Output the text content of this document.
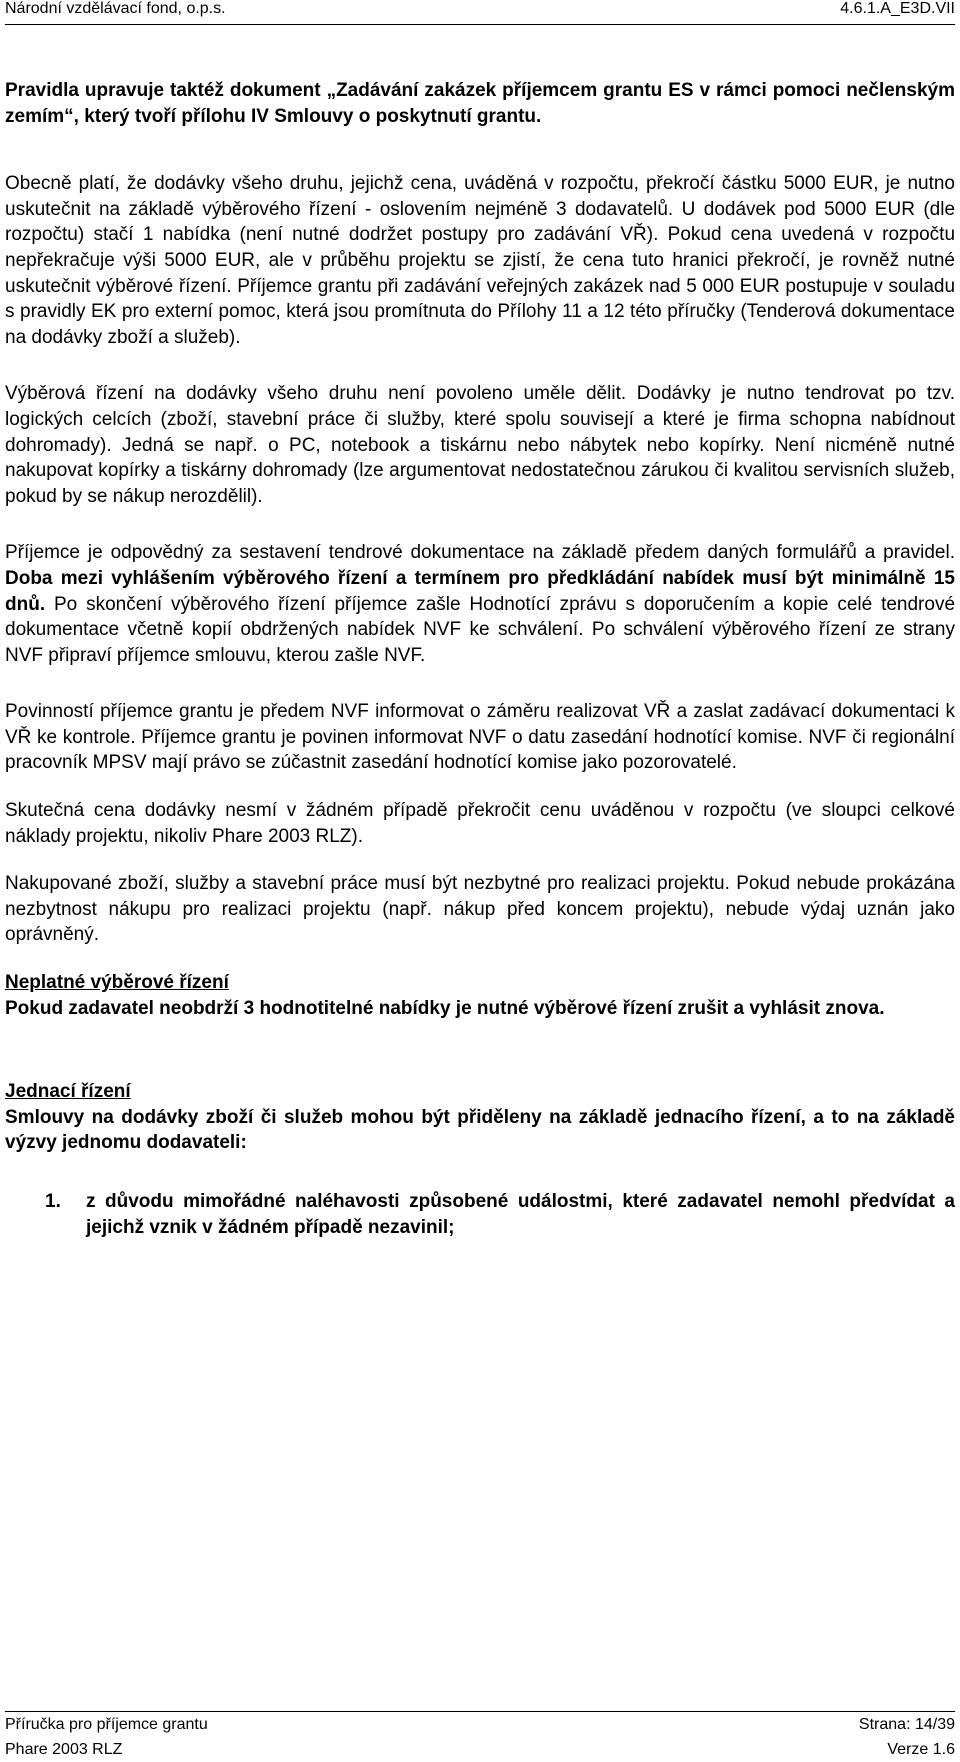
Národní vzdělávací fond, o.p.s.	4.6.1.A_E3D.VII

Pravidla upravuje taktéž dokument „Zadávání zakázek příjemcem grantu ES v rámci pomoci nečlenským zemím“, který tvoří přílohu IV Smlouvy o poskytnutí grantu.

Obecně platí, že dodávky všeho druhu, jejichž cena, uváděná v rozpočtu, překročí částku 5000 EUR, je nutno uskutečnit na základě výběrového řízení - oslovením nejméně 3 dodavatelů. U dodávek pod 5000 EUR (dle rozpočtu) stačí 1 nabídka (není nutné dodržet postupy pro zadávání VŘ). Pokud cena uvedená v rozpočtu nepřekračuje výši 5000 EUR, ale v průběhu projektu se zjistí, že cena tuto hranici překročí, je rovněž nutné uskutečnit výběrové řízení. Příjemce grantu při zadávání veřejných zakázek nad 5 000 EUR postupuje v souladu s pravidly EK pro externí pomoc, která jsou promítnuta do Přílohy 11 a 12 této příručky (Tenderová dokumentace na dodávky zboží a služeb).

Výběrová řízení na dodávky všeho druhu není povoleno uměle dělit. Dodávky je nutno tendrovat po tzv. logických celcích (zboží, stavební práce či služby, které spolu souvisejí a které je firma schopna nabídnout dohromady). Jedná se např. o PC, notebook a tiskárnu nebo nábytek nebo kopírky. Není nicméně nutné nakupovat kopírky a tiskárny dohromady (lze argumentovat nedostatečnou zárukou či kvalitou servisních služeb, pokud by se nákup nerozdělil).

Příjemce je odpovědný za sestavení tendrové dokumentace na základě předem daných formulářů a pravidel. Doba mezi vyhlášením výběrového řízení a termínem pro předkládání nabídek musí být minimálně 15 dnů. Po skončení výběrového řízení příjemce zašle Hodnotící zprávu s doporučením a kopie celé tendrové dokumentace včetně kopií obdržených nabídek NVF ke schválení. Po schválení výběrového řízení ze strany NVF připraví příjemce smlouvu, kterou zašle NVF.

Povinností příjemce grantu je předem NVF informovat o záměru realizovat VŘ a zaslat zadávací dokumentaci k VŘ ke kontrole. Příjemce grantu je povinen informovat NVF o datu zasedání hodnotící komise. NVF či regionální pracovník MPSV mají právo se zúčastnit zasedání hodnotící komise jako pozorovatelé.

Skutečná cena dodávky nesmí v žádném případě překročit cenu uváděnou v rozpočtu (ve sloupci celkové náklady projektu, nikoliv Phare 2003 RLZ).

Nakupované zboží, služby a stavební práce musí být nezbytné pro realizaci projektu. Pokud nebude prokázána nezbytnost nákupu pro realizaci projektu (např. nákup před koncem projektu), nebude výdaj uznán jako oprávněný.

Neplatné výběrové řízení

Pokud zadavatel neobdrží 3 hodnotitelné nabídky je nutné výběrové řízení zrušit a vyhlásit znova.

Jednací řízení

Smlouvy na dodávky zboží či služeb mohou být přiděleny na základě jednacího řízení, a to na základě výzvy jednomu dodavateli:

1. z důvodu mimořádné naléhavosti způsobené událostmi, které zadavatel nemohl předvídat a jejichž vznik v žádném případě nezavinil;

Příručka pro příjemce grantu	Strana: 14/39
Phare 2003 RLZ	Verze 1.6
